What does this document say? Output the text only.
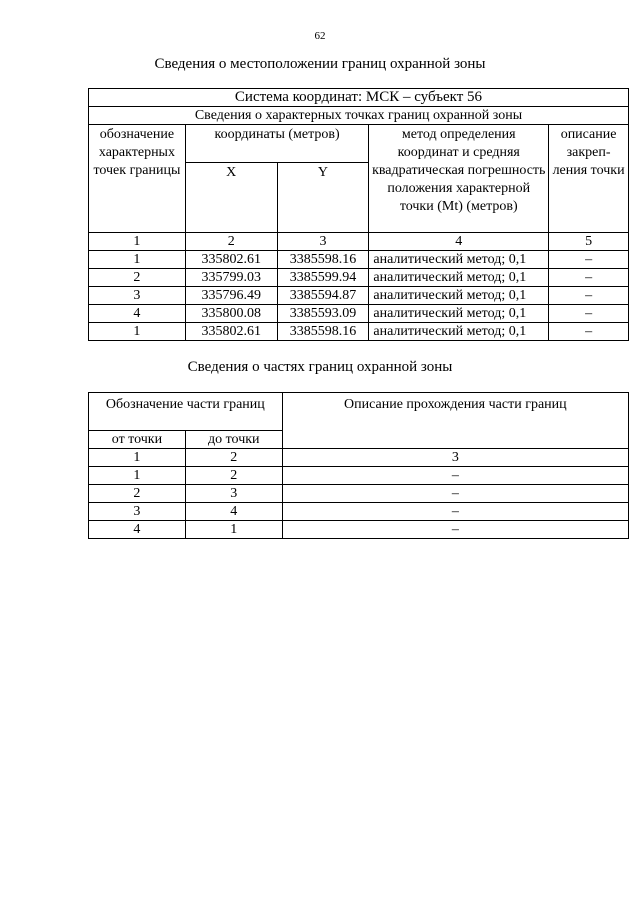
62
Сведения о местоположении границ охранной зоны
Система координат: МСК – субъект 56				
Сведения о характерных точках границ охранной зоны				
обозначение характерных точек границы	координаты (метров)		метод определения координат и средняя квадратическая погрешность положения характерной точки (Mt) (метров)	описание закреп-ления точки
	X	Y		
1	2	3	4	5
1	335802.61	3385598.16	аналитический метод; 0,1	–
2	335799.03	3385599.94	аналитический метод; 0,1	–
3	335796.49	3385594.87	аналитический метод; 0,1	–
4	335800.08	3385593.09	аналитический метод; 0,1	–
1	335802.61	3385598.16	аналитический метод; 0,1	–
Сведения о частях границ охранной зоны
Обозначение части границ		Описание прохождения части границ
от точки	до точки	
1	2	3
1	2	–
2	3	–
3	4	–
4	1	–
